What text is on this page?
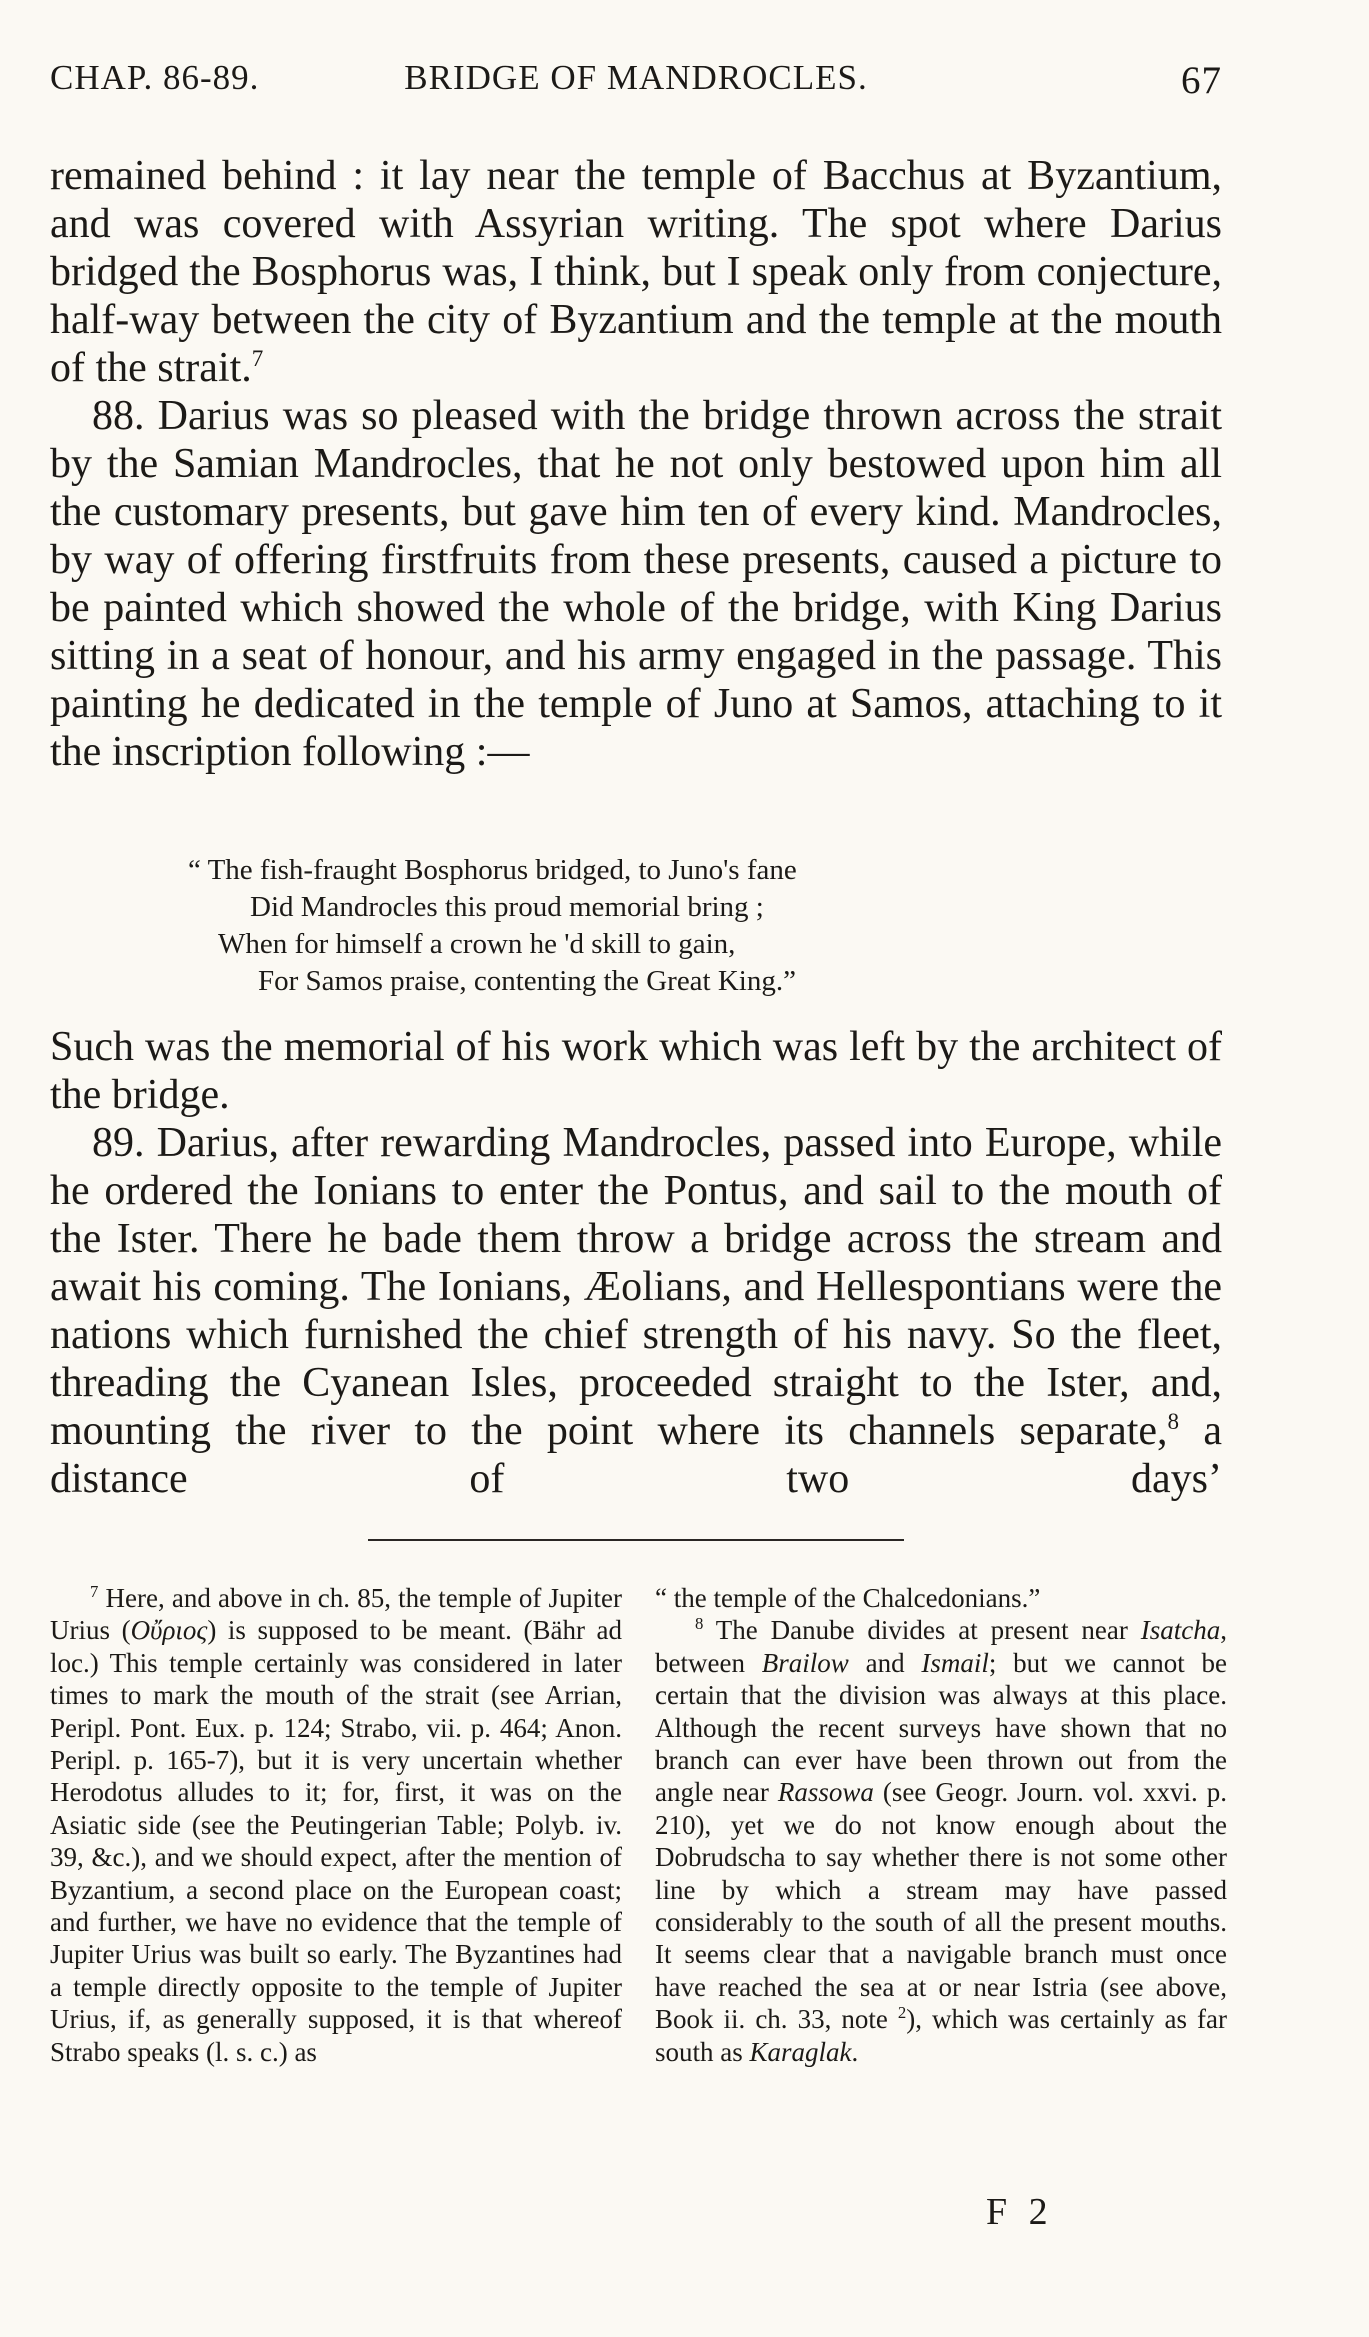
CHAP. 86-89.	BRIDGE OF MANDROCLES.	67

remained behind : it lay near the temple of Bacchus at Byzantium, and was covered with Assyrian writing. The spot where Darius bridged the Bosphorus was, I think, but I speak only from conjecture, half-way between the city of Byzantium and the temple at the mouth of the strait.$^7$

88. Darius was so pleased with the bridge thrown across the strait by the Samian Mandrocles, that he not only bestowed upon him all the customary presents, but gave him ten of every kind. Mandrocles, by way of offering firstfruits from these presents, caused a picture to be painted which showed the whole of the bridge, with King Darius sitting in a seat of honour, and his army engaged in the passage. This painting he dedicated in the temple of Juno at Samos, attaching to it the inscription following :—

“ The fish-fraught Bosphorus bridged, to Juno's fane
Did Mandrocles this proud memorial bring ;
When for himself a crown he 'd skill to gain,
For Samos praise, contenting the Great King.”

Such was the memorial of his work which was left by the architect of the bridge.

89. Darius, after rewarding Mandrocles, passed into Europe, while he ordered the Ionians to enter the Pontus, and sail to the mouth of the Ister. There he bade them throw a bridge across the stream and await his coming. The Ionians, Æolians, and Hellespontians were the nations which furnished the chief strength of his navy. So the fleet, threading the Cyanean Isles, proceeded straight to the Ister, and, mounting the river to the point where its channels separate,$^8$ a distance of two days’

$^7$ Here, and above in ch. 85, the temple of Jupiter Urius (Οὔριος) is supposed to be meant. (Bähr ad loc.) This temple certainly was considered in later times to mark the mouth of the strait (see Arrian, Peripl. Pont. Eux. p. 124; Strabo, vii. p. 464; Anon. Peripl. p. 165-7), but it is very uncertain whether Herodotus alludes to it; for, first, it was on the Asiatic side (see the Peutingerian Table; Polyb. iv. 39, &c.), and we should expect, after the mention of Byzantium, a second place on the European coast; and further, we have no evidence that the temple of Jupiter Urius was built so early. The Byzantines had a temple directly opposite to the temple of Jupiter Urius, if, as generally supposed, it is that whereof Strabo speaks (l. s. c.) as

“ the temple of the Chalcedonians.”

$^8$ The Danube divides at present near Isatcha, between Brailow and Ismail; but we cannot be certain that the division was always at this place. Although the recent surveys have shown that no branch can ever have been thrown out from the angle near Rassowa (see Geogr. Journ. vol. xxvi. p. 210), yet we do not know enough about the Dobrudscha to say whether there is not some other line by which a stream may have passed considerably to the south of all the present mouths. It seems clear that a navigable branch must once have reached the sea at or near Istria (see above, Book ii. ch. 33, note $^2$), which was certainly as far south as Karaglak.

F 2
